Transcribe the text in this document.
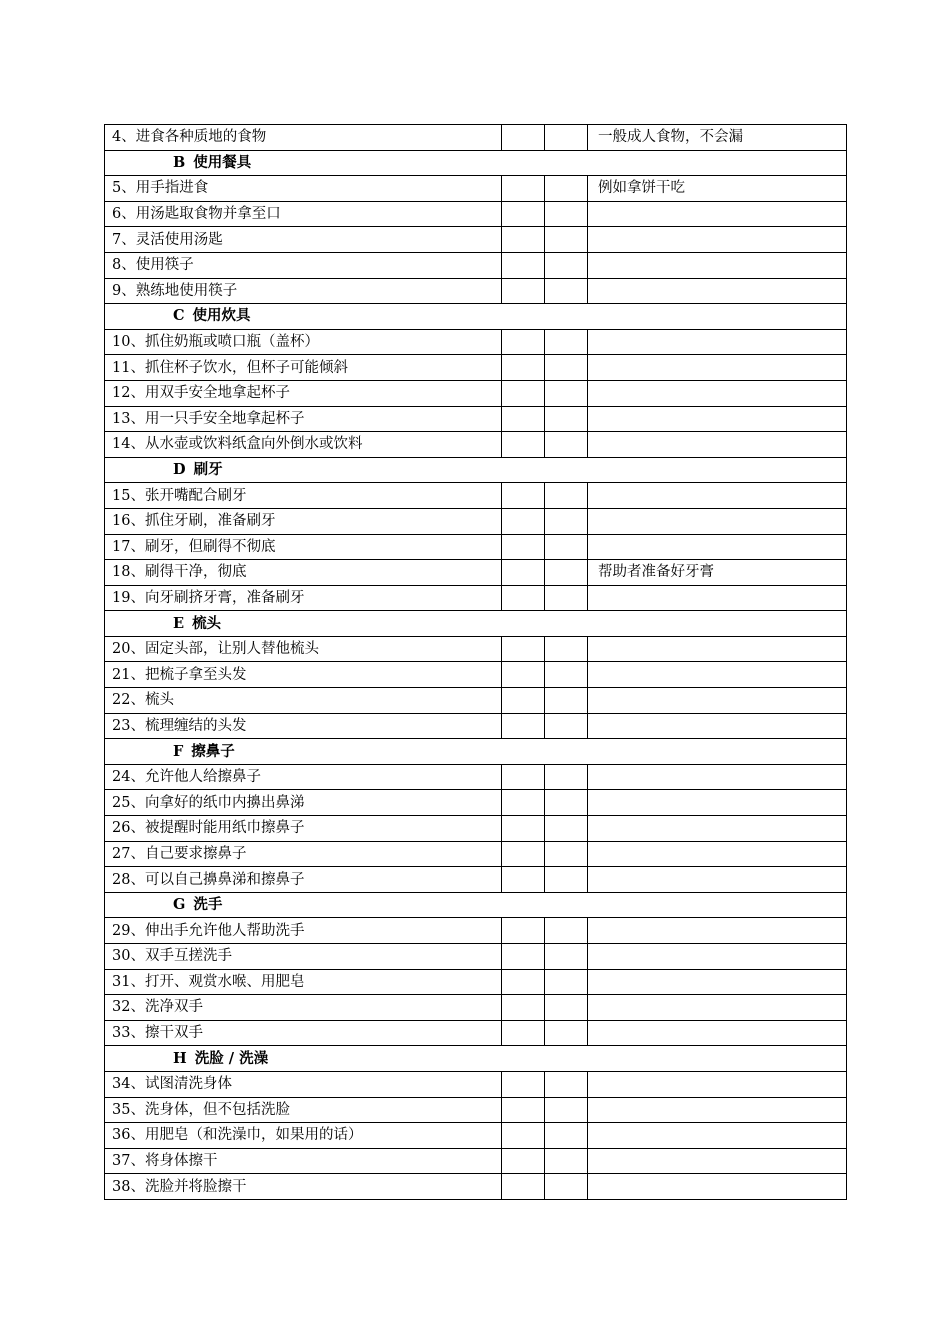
4、进食各种质地的食物			一般成人食物，不会漏
B 使用餐具			
5、用手指进食			例如拿饼干吃
6、用汤匙取食物并拿至口			
7、灵活使用汤匙			
8、使用筷子			
9、熟练地使用筷子			
C 使用炊具			
10、抓住奶瓶或喷口瓶（盖杯）			
11、抓住杯子饮水，但杯子可能倾斜			
12、用双手安全地拿起杯子			
13、用一只手安全地拿起杯子			
14、从水壶或饮料纸盒向外倒水或饮料			
D 刷牙			
15、张开嘴配合刷牙			
16、抓住牙刷，准备刷牙			
17、刷牙，但刷得不彻底			
18、刷得干净，彻底			帮助者准备好牙膏
19、向牙刷挤牙膏，准备刷牙			
E 梳头			
20、固定头部，让别人替他梳头			
21、把梳子拿至头发			
22、梳头			
23、梳理缠结的头发			
F 擦鼻子			
24、允许他人给擦鼻子			
25、向拿好的纸巾内擤出鼻涕			
26、被提醒时能用纸巾擦鼻子			
27、自己要求擦鼻子			
28、可以自己擤鼻涕和擦鼻子			
G 洗手			
29、伸出手允许他人帮助洗手			
30、双手互搓洗手			
31、打开、观赏水喉、用肥皂			
32、洗净双手			
33、擦干双手			
H 洗脸 / 洗澡			
34、试图清洗身体			
35、洗身体，但不包括洗脸			
36、用肥皂（和洗澡巾，如果用的话）			
37、将身体擦干			
38、洗脸并将脸擦干			
